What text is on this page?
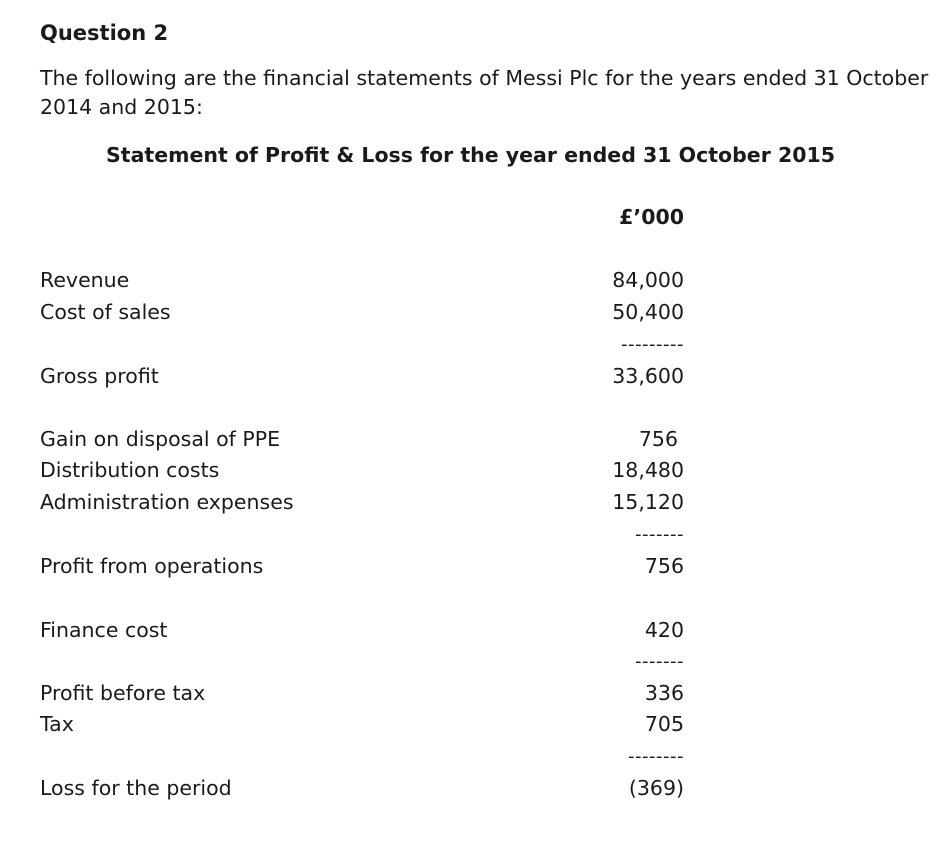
Question 2
The following are the financial statements of Messi Plc for the years ended 31 October 2014 and 2015:
Statement of Profit & Loss for the year ended 31 October 2015
£’000
Revenue	84,000
Cost of sales	50,400
---------
Gross profit	33,600
Gain on disposal of PPE	756
Distribution costs	18,480
Administration expenses	15,120
-------
Profit from operations	756
Finance cost	420
-------
Profit before tax	336
Tax	705
--------
Loss for the period	(369)
